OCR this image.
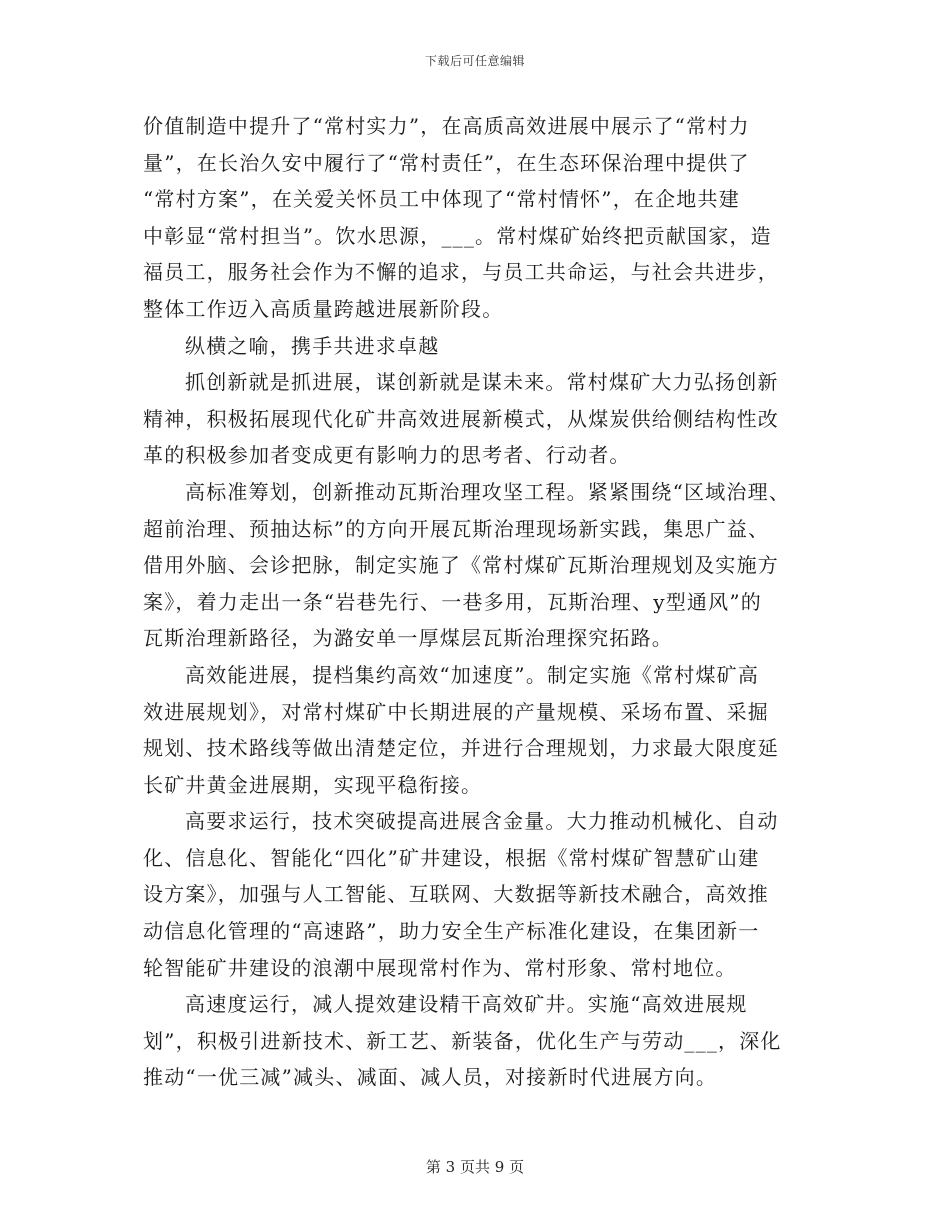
下载后可任意编辑
价值制造中提升了“常村实力”，在高质高效进展中展示了“常村力
量”，在长治久安中履行了“常村责任”，在生态环保治理中提供了
“常村方案”，在关爱关怀员工中体现了“常村情怀”，在企地共建
中彰显“常村担当”。饮水思源，___。常村煤矿始终把贡献国家，造
福员工，服务社会作为不懈的追求，与员工共命运，与社会共进步，
整体工作迈入高质量跨越进展新阶段。
纵横之喻，携手共进求卓越
抓创新就是抓进展，谋创新就是谋未来。常村煤矿大力弘扬创新
精神，积极拓展现代化矿井高效进展新模式，从煤炭供给侧结构性改
革的积极参加者变成更有影响力的思考者、行动者。
高标准筹划，创新推动瓦斯治理攻坚工程。紧紧围绕“区域治理、
超前治理、预抽达标”的方向开展瓦斯治理现场新实践，集思广益、
借用外脑、会诊把脉，制定实施了《常村煤矿瓦斯治理规划及实施方
案》，着力走出一条“岩巷先行、一巷多用，瓦斯治理、y型通风”的
瓦斯治理新路径，为潞安单一厚煤层瓦斯治理探究拓路。
高效能进展，提档集约高效“加速度”。制定实施《常村煤矿高
效进展规划》，对常村煤矿中长期进展的产量规模、采场布置、采掘
规划、技术路线等做出清楚定位，并进行合理规划，力求最大限度延
长矿井黄金进展期，实现平稳衔接。
高要求运行，技术突破提高进展含金量。大力推动机械化、自动
化、信息化、智能化“四化”矿井建设，根据《常村煤矿智慧矿山建
设方案》，加强与人工智能、互联网、大数据等新技术融合，高效推
动信息化管理的“高速路”，助力安全生产标准化建设，在集团新一
轮智能矿井建设的浪潮中展现常村作为、常村形象、常村地位。
高速度运行，减人提效建设精干高效矿井。实施“高效进展规
划”，积极引进新技术、新工艺、新装备，优化生产与劳动___，深化
推动“一优三减”减头、减面、减人员，对接新时代进展方向。
第 3 页共 9 页
